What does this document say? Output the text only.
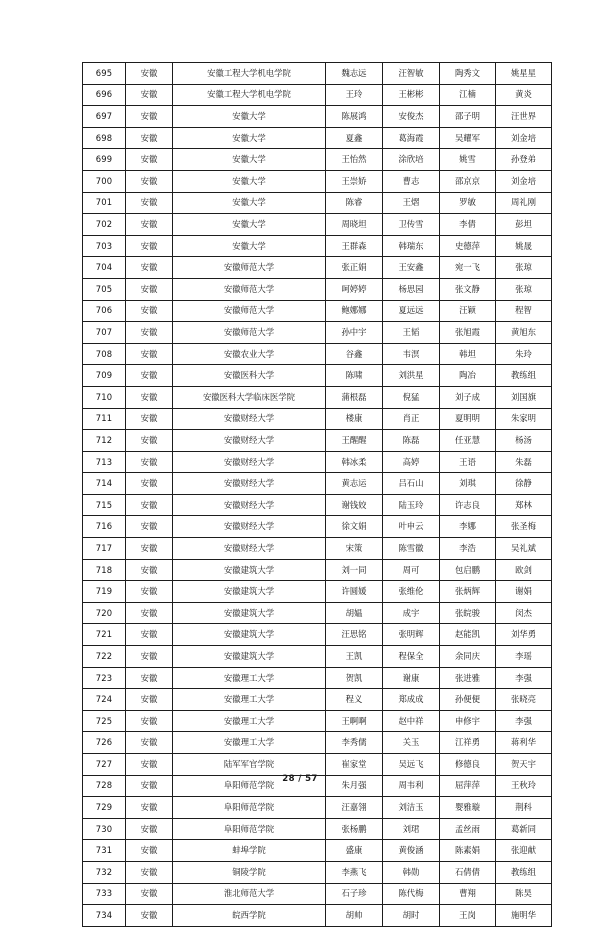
695	安徽	安徽工程大学机电学院	魏志远	汪智敏	陶秀文	姚星星
696	安徽	安徽工程大学机电学院	王玲	王彬彬	江楠	黄炎
697	安徽	安徽大学	陈展鸿	安俊杰	邵子明	汪世界
698	安徽	安徽大学	夏鑫	葛海霞	吴耀军	刘金培
699	安徽	安徽大学	王怡然	涂欣培	姚雪	孙登弟
700	安徽	安徽大学	王崇娇	曹志	邵京京	刘金培
701	安徽	安徽大学	陈睿	王熠	罗敏	周礼刚
702	安徽	安徽大学	周晓坦	卫传雪	李倩	彭坦
703	安徽	安徽大学	王群森	韩瑞东	史德萍	姚晟
704	安徽	安徽师范大学	张正娟	王安鑫	宛一飞	张琼
705	安徽	安徽师范大学	呵婷婷	杨思园	张文静	张琼
706	安徽	安徽师范大学	鲍娜娜	夏远远	汪颖	程智
707	安徽	安徽师范大学	孙中宇	王韬	张旭霞	黄旭东
708	安徽	安徽农业大学	谷鑫	韦溟	韩坦	朱玲
709	安徽	安徽医科大学	陈啸	刘洪星	陶冶	教练组
710	安徽	安徽医科大学临床医学院	蒲根磊	倪猛	刘子成	刘国旗
711	安徽	安徽财经大学	楼康	肖正	夏明明	朱家明
712	安徽	安徽财经大学	王醒醒	陈磊	任亚慧	杨汤
713	安徽	安徽财经大学	韩冰柔	高婷	王语	朱磊
714	安徽	安徽财经大学	黄志运	吕石山	刘琪	徐静
715	安徽	安徽财经大学	谢钱姣	陆玉玲	许志良	郑林
716	安徽	安徽财经大学	徐文娟	叶申云	李娜	张圣梅
717	安徽	安徽财经大学	宋策	陈雪徽	李浩	吴礼斌
718	安徽	安徽建筑大学	刘一同	周可	包启鹏	欧剑
719	安徽	安徽建筑大学	许圆媛	张维伦	张炳辉	谢娟
720	安徽	安徽建筑大学	胡媪	成宇	张皖骏	闵杰
721	安徽	安徽建筑大学	汪思铭	张明辉	赵能凯	刘华勇
722	安徽	安徽建筑大学	王凯	程保全	余同庆	李瑶
723	安徽	安徽理工大学	贺凯	谢康	张进雅	李强
724	安徽	安徽理工大学	程义	郑成成	孙便便	张晓亮
725	安徽	安徽理工大学	王啊啊	赵中祥	申修宇	李强
726	安徽	安徽理工大学	李秀儒	关玉	江祥勇	蒋利华
727	安徽	陆军军官学院	崔家堂	吴远飞	修德良	贺天宇
728	安徽	阜阳师范学院	朱月强	周韦利	屈萍萍	王秋玲
729	安徽	阜阳师范学院	汪嘉翎	刘洁玉	婴雅璇	荆科
730	安徽	阜阳师范学院	张杨鹏	刘珺	孟丝雨	葛新同
731	安徽	蚌埠学院	盛康	黄俊涵	陈素娟	张迎献
732	安徽	铜陵学院	李燕飞	韩勋	石倩倩	教练组
733	安徽	淮北师范大学	石子珍	陈代梅	曹翔	陈昊
734	安徽	皖西学院	胡帅	胡时	王岗	施明华
28 / 57
